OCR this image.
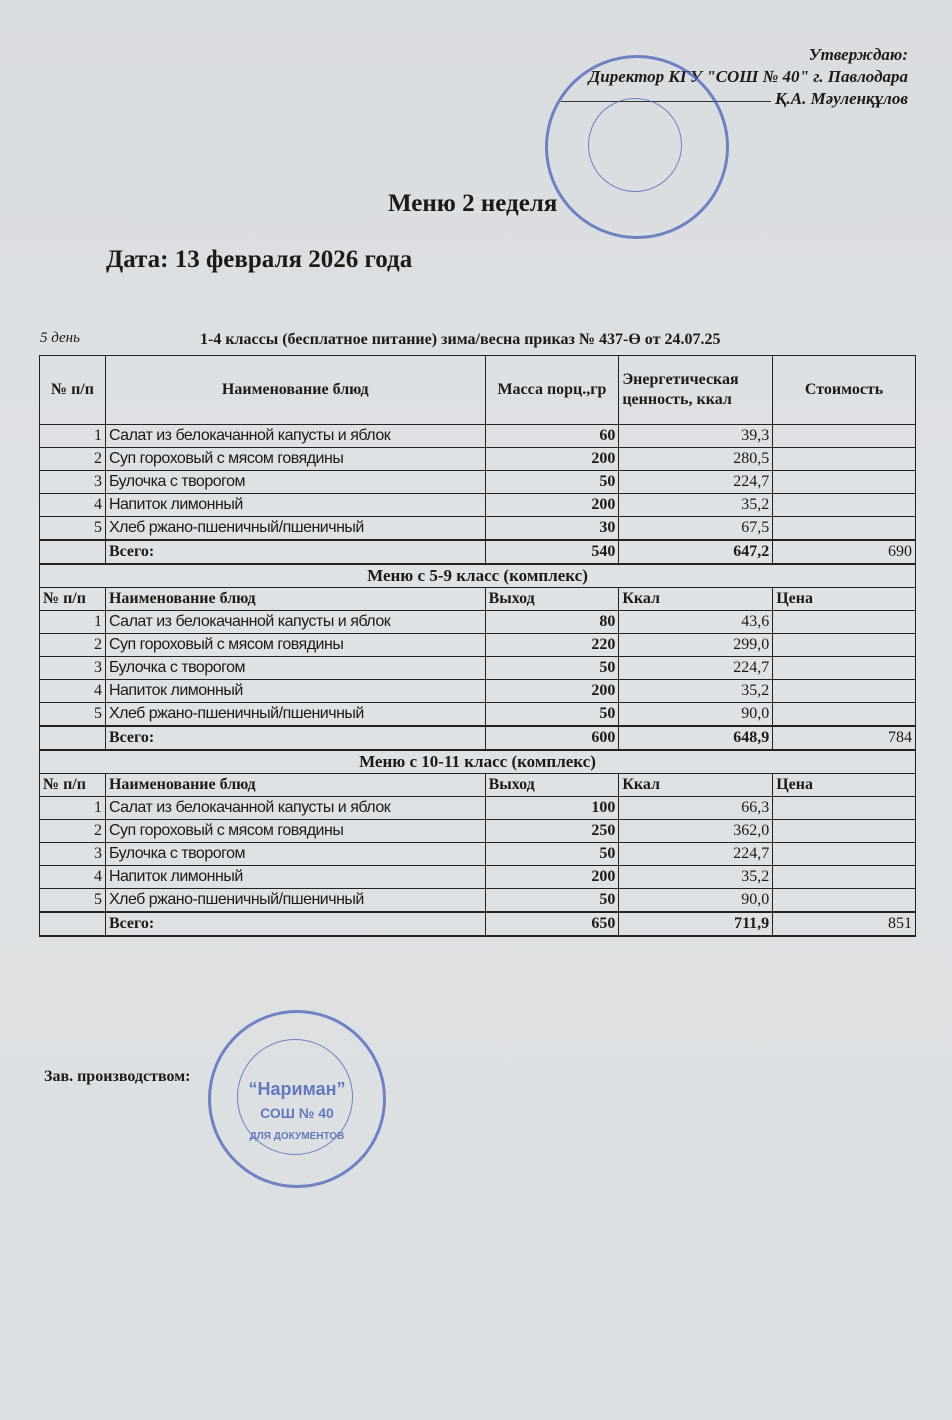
Утверждаю:
Директор КГУ "СОШ № 40" г. Павлодара
Қ.А. Мәуленқұлов
Меню 2 неделя
Дата: 13 февраля 2026 года
5 день	1-4 классы (бесплатное питание) зима/весна приказ № 437-Ө от 24.07.25
№ п/п	Наименование блюд	Масса порц.,гр	Энергетическая ценность, ккал	Стоимость
1	Салат из белокачанной капусты и яблок	60	39,3	
2	Суп гороховый с мясом говядины	200	280,5	
3	Булочка с творогом	50	224,7	
4	Напиток лимонный	200	35,2	
5	Хлеб ржано-пшеничный/пшеничный	30	67,5	
	Всего:	540	647,2	690
Меню с 5-9 класс (комплекс)				
№ п/п	Наименование блюд	Выход	Ккал	Цена
1	Салат из белокачанной капусты и яблок	80	43,6	
2	Суп гороховый с мясом говядины	220	299,0	
3	Булочка с творогом	50	224,7	
4	Напиток лимонный	200	35,2	
5	Хлеб ржано-пшеничный/пшеничный	50	90,0	
	Всего:	600	648,9	784
Меню с 10-11 класс (комплекс)				
№ п/п	Наименование блюд	Выход	Ккал	Цена
1	Салат из белокачанной капусты и яблок	100	66,3	
2	Суп гороховый с мясом говядины	250	362,0	
3	Булочка с творогом	50	224,7	
4	Напиток лимонный	200	35,2	
5	Хлеб ржано-пшеничный/пшеничный	50	90,0	
	Всего:	650	711,9	851
Зав. производством:
“Нариман”
СОШ № 40
ДЛЯ ДОКУМЕНТОВ
